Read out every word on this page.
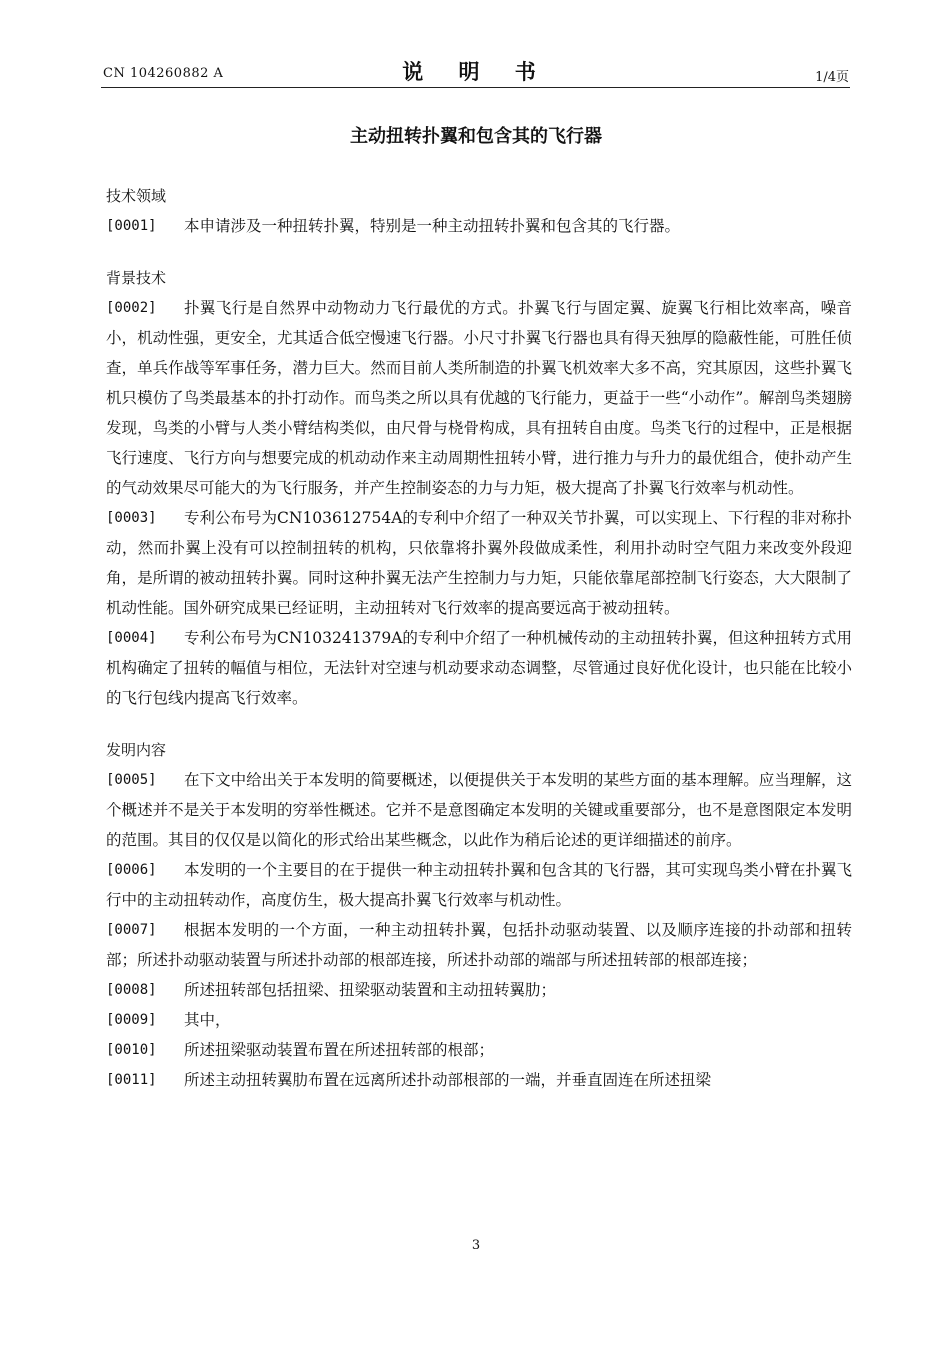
CN 104260882 A	说 明 书	1/4页
主动扭转扑翼和包含其的飞行器
技术领域
[0001] 本申请涉及一种扭转扑翼，特别是一种主动扭转扑翼和包含其的飞行器。
背景技术
[0002] 扑翼飞行是自然界中动物动力飞行最优的方式。扑翼飞行与固定翼、旋翼飞行相比效率高，噪音小，机动性强，更安全，尤其适合低空慢速飞行器。小尺寸扑翼飞行器也具有得天独厚的隐蔽性能，可胜任侦查，单兵作战等军事任务，潜力巨大。然而目前人类所制造的扑翼飞机效率大多不高，究其原因，这些扑翼飞机只模仿了鸟类最基本的扑打动作。而鸟类之所以具有优越的飞行能力，更益于一些“小动作”。解剖鸟类翅膀发现，鸟类的小臂与人类小臂结构类似，由尺骨与桡骨构成，具有扭转自由度。鸟类飞行的过程中，正是根据飞行速度、飞行方向与想要完成的机动动作来主动周期性扭转小臂，进行推力与升力的最优组合，使扑动产生的气动效果尽可能大的为飞行服务，并产生控制姿态的力与力矩，极大提高了扑翼飞行效率与机动性。
[0003] 专利公布号为CN103612754A的专利中介绍了一种双关节扑翼，可以实现上、下行程的非对称扑动，然而扑翼上没有可以控制扭转的机构，只依靠将扑翼外段做成柔性，利用扑动时空气阻力来改变外段迎角，是所谓的被动扭转扑翼。同时这种扑翼无法产生控制力与力矩，只能依靠尾部控制飞行姿态，大大限制了机动性能。国外研究成果已经证明，主动扭转对飞行效率的提高要远高于被动扭转。
[0004] 专利公布号为CN103241379A的专利中介绍了一种机械传动的主动扭转扑翼，但这种扭转方式用机构确定了扭转的幅值与相位，无法针对空速与机动要求动态调整，尽管通过良好优化设计，也只能在比较小的飞行包线内提高飞行效率。
发明内容
[0005] 在下文中给出关于本发明的简要概述，以便提供关于本发明的某些方面的基本理解。应当理解，这个概述并不是关于本发明的穷举性概述。它并不是意图确定本发明的关键或重要部分，也不是意图限定本发明的范围。其目的仅仅是以简化的形式给出某些概念，以此作为稍后论述的更详细描述的前序。
[0006] 本发明的一个主要目的在于提供一种主动扭转扑翼和包含其的飞行器，其可实现鸟类小臂在扑翼飞行中的主动扭转动作，高度仿生，极大提高扑翼飞行效率与机动性。
[0007] 根据本发明的一个方面，一种主动扭转扑翼，包括扑动驱动装置、以及顺序连接的扑动部和扭转部；所述扑动驱动装置与所述扑动部的根部连接，所述扑动部的端部与所述扭转部的根部连接；
[0008] 所述扭转部包括扭梁、扭梁驱动装置和主动扭转翼肋；
[0009] 其中，
[0010] 所述扭梁驱动装置布置在所述扭转部的根部；
[0011] 所述主动扭转翼肋布置在远离所述扑动部根部的一端，并垂直固连在所述扭梁
3
